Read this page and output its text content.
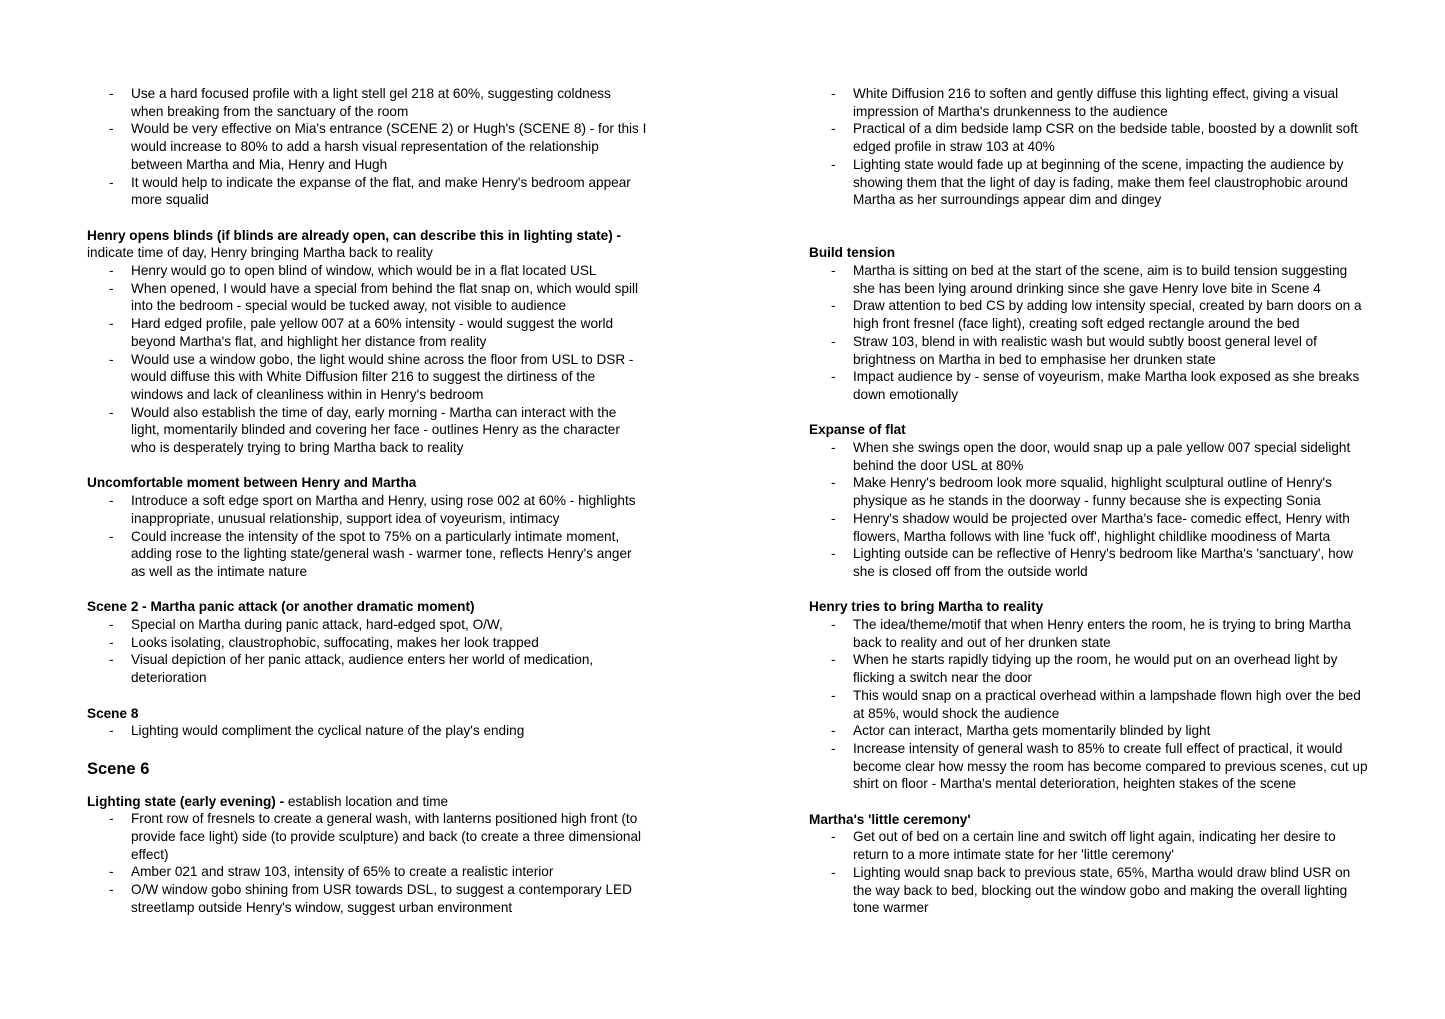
- Use a hard focused profile with a light stell gel 218 at 60%, suggesting coldness when breaking from the sanctuary of the room
- Would be very effective on Mia's entrance (SCENE 2) or Hugh's (SCENE 8) - for this I would increase to 80% to add a harsh visual representation of the relationship between Martha and Mia, Henry and Hugh
- It would help to indicate the expanse of the flat, and make Henry's bedroom appear more squalid

Henry opens blinds (if blinds are already open, can describe this in lighting state) - indicate time of day, Henry bringing Martha back to reality

- Henry would go to open blind of window, which would be in a flat located USL
- When opened, I would have a special from behind the flat snap on, which would spill into the bedroom - special would be tucked away, not visible to audience
- Hard edged profile, pale yellow 007 at a 60% intensity - would suggest the world beyond Martha's flat, and highlight her distance from reality
- Would use a window gobo, the light would shine across the floor from USL to DSR - would diffuse this with White Diffusion filter 216 to suggest the dirtiness of the windows and lack of cleanliness within in Henry's bedroom
- Would also establish the time of day, early morning - Martha can interact with the light, momentarily blinded and covering her face - outlines Henry as the character who is desperately trying to bring Martha back to reality

Uncomfortable moment between Henry and Martha

- Introduce a soft edge sport on Martha and Henry, using rose 002 at 60% - highlights inappropriate, unusual relationship, support idea of voyeurism, intimacy
- Could increase the intensity of the spot to 75% on a particularly intimate moment, adding rose to the lighting state/general wash - warmer tone, reflects Henry's anger as well as the intimate nature

Scene 2 - Martha panic attack (or another dramatic moment)

- Special on Martha during panic attack, hard-edged spot, O/W,
- Looks isolating, claustrophobic, suffocating, makes her look trapped
- Visual depiction of her panic attack, audience enters her world of medication, deterioration

Scene 8

- Lighting would compliment the cyclical nature of the play's ending

Scene 6

Lighting state (early evening) - establish location and time

- Front row of fresnels to create a general wash, with lanterns positioned high front (to provide face light) side (to provide sculpture) and back (to create a three dimensional effect)
- Amber 021 and straw 103, intensity of 65% to create a realistic interior
- O/W window gobo shining from USR towards DSL, to suggest a contemporary LED streetlamp outside Henry's window, suggest urban environment
- White Diffusion 216 to soften and gently diffuse this lighting effect, giving a visual impression of Martha's drunkenness to the audience
- Practical of a dim bedside lamp CSR on the bedside table, boosted by a downlit soft edged profile in straw 103 at 40%
- Lighting state would fade up at beginning of the scene, impacting the audience by showing them that the light of day is fading, make them feel claustrophobic around Martha as her surroundings appear dim and dingey

Build tension

- Martha is sitting on bed at the start of the scene, aim is to build tension suggesting she has been lying around drinking since she gave Henry love bite in Scene 4
- Draw attention to bed CS by adding low intensity special, created by barn doors on a high front fresnel (face light), creating soft edged rectangle around the bed
- Straw 103, blend in with realistic wash but would subtly boost general level of brightness on Martha in bed to emphasise her drunken state
- Impact audience by - sense of voyeurism, make Martha look exposed as she breaks down emotionally

Expanse of flat

- When she swings open the door, would snap up a pale yellow 007 special sidelight behind the door USL at 80%
- Make Henry's bedroom look more squalid, highlight sculptural outline of Henry's physique as he stands in the doorway - funny because she is expecting Sonia
- Henry's shadow would be projected over Martha's face- comedic effect, Henry with flowers, Martha follows with line 'fuck off', highlight childlike moodiness of Marta
- Lighting outside can be reflective of Henry's bedroom like Martha's 'sanctuary', how she is closed off from the outside world

Henry tries to bring Martha to reality

- The idea/theme/motif that when Henry enters the room, he is trying to bring Martha back to reality and out of her drunken state
- When he starts rapidly tidying up the room, he would put on an overhead light by flicking a switch near the door
- This would snap on a practical overhead within a lampshade flown high over the bed at 85%, would shock the audience
- Actor can interact, Martha gets momentarily blinded by light
- Increase intensity of general wash to 85% to create full effect of practical, it would become clear how messy the room has become compared to previous scenes, cut up shirt on floor - Martha's mental deterioration, heighten stakes of the scene

Martha's 'little ceremony'

- Get out of bed on a certain line and switch off light again, indicating her desire to return to a more intimate state for her 'little ceremony'
- Lighting would snap back to previous state, 65%, Martha would draw blind USR on the way back to bed, blocking out the window gobo and making the overall lighting tone warmer
